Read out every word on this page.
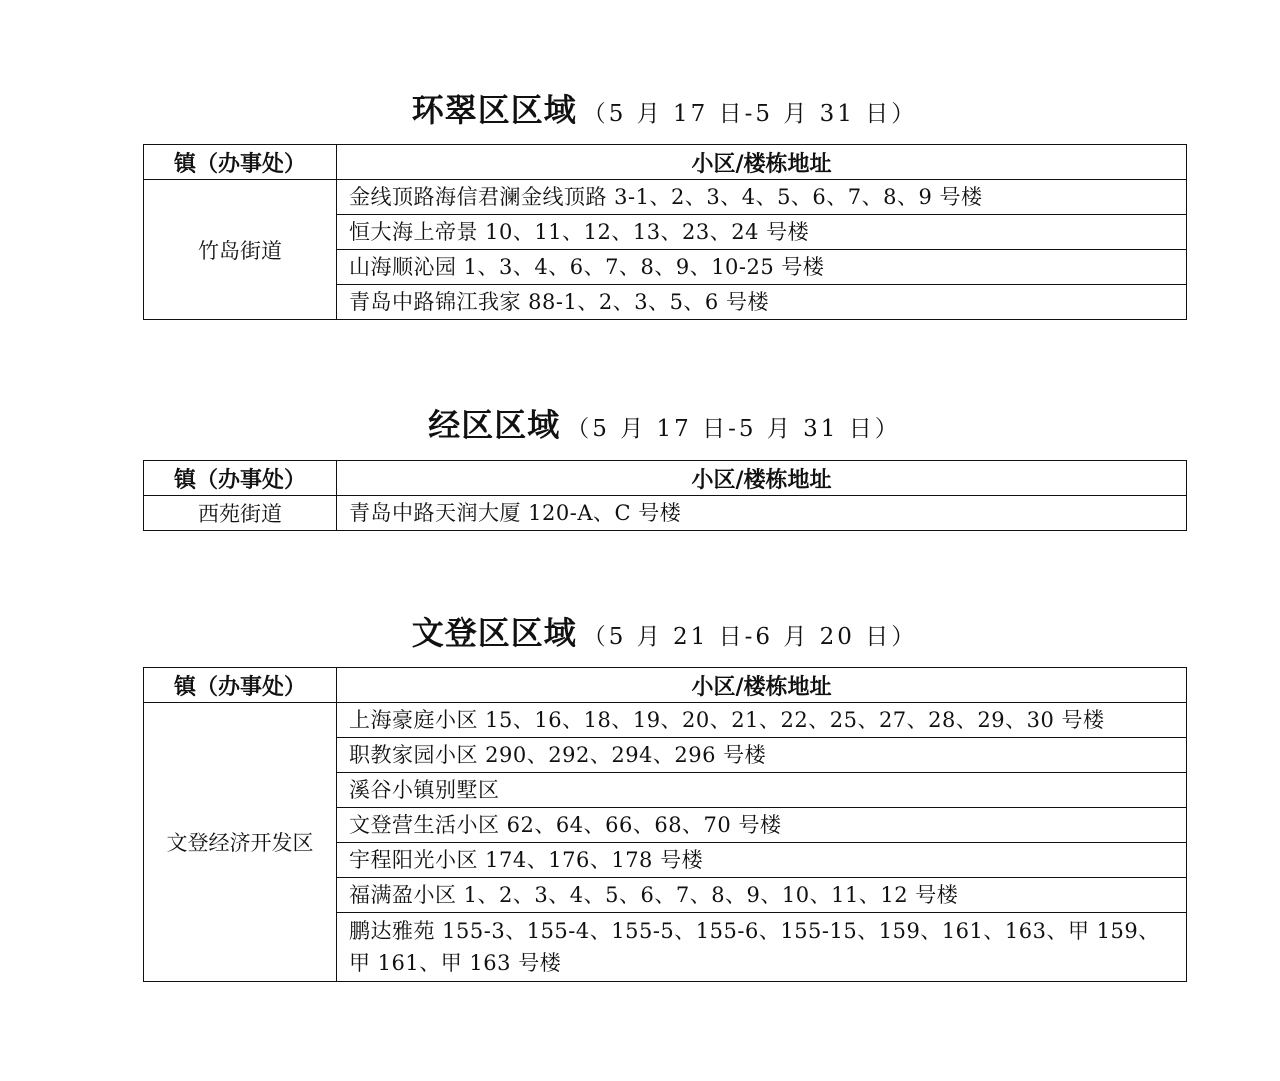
环翠区区域 （5 月 17 日-5 月 31 日）
镇（办事处）	小区/楼栋地址
竹岛街道	金线顶路海信君澜金线顶路 3-1、2、3、4、5、6、7、8、9 号楼
	恒大海上帝景 10、11、12、13、23、24 号楼
	山海顺沁园 1、3、4、6、7、8、9、10-25 号楼
	青岛中路锦江我家 88-1、2、3、5、6 号楼
经区区域 （5 月 17 日-5 月 31 日）
镇（办事处）	小区/楼栋地址
西苑街道	青岛中路天润大厦 120-A、C 号楼
文登区区域 （5 月 21 日-6 月 20 日）
镇（办事处）	小区/楼栋地址
文登经济开发区	上海豪庭小区 15、16、18、19、20、21、22、25、27、28、29、30 号楼
	职教家园小区 290、292、294、296 号楼
	溪谷小镇别墅区
	文登营生活小区 62、64、66、68、70 号楼
	宇程阳光小区 174、176、178 号楼
	福满盈小区 1、2、3、4、5、6、7、8、9、10、11、12 号楼
	鹏达雅苑 155-3、155-4、155-5、155-6、155-15、159、161、163、甲 159、甲 161、甲 163 号楼
